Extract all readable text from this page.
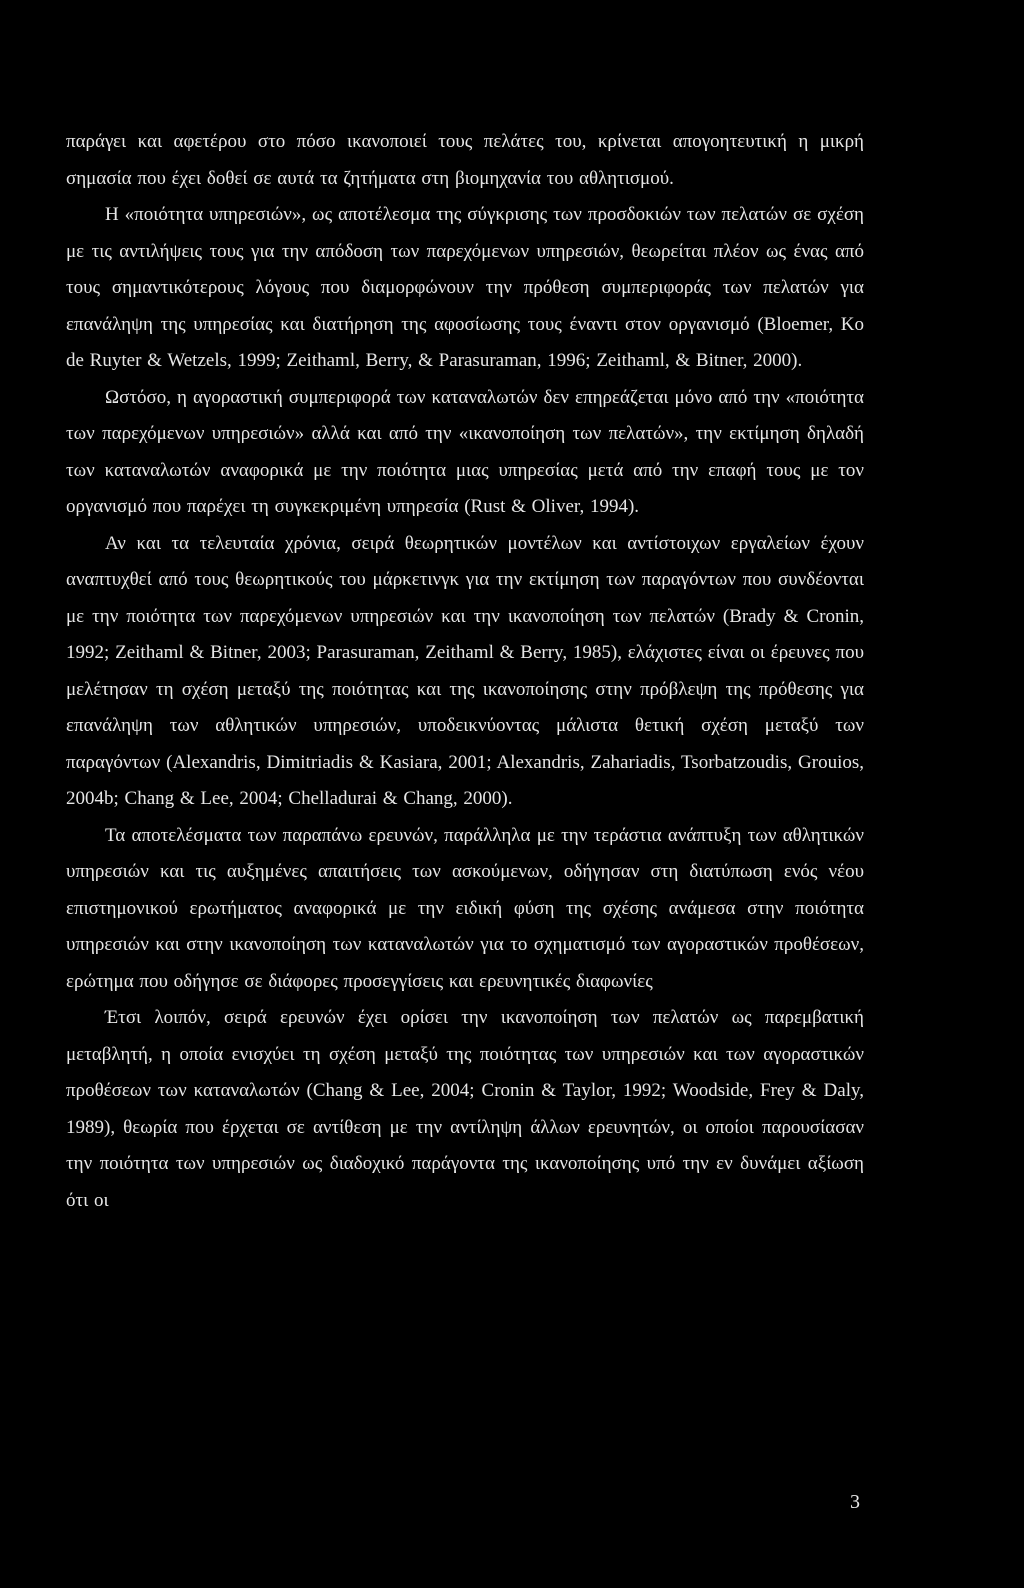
παράγει και αφετέρου στο πόσο ικανοποιεί τους πελάτες του, κρίνεται απογοητευτική η μικρή σημασία που έχει δοθεί σε αυτά τα ζητήματα στη βιομηχανία του αθλητισμού.

Η «ποιότητα υπηρεσιών», ως αποτέλεσμα της σύγκρισης των προσδοκιών των πελατών σε σχέση με τις αντιλήψεις τους για την απόδοση των παρεχόμενων υπηρεσιών, θεωρείται πλέον ως ένας από τους σημαντικότερους λόγους που διαμορφώνουν την πρόθεση συμπεριφοράς των πελατών για επανάληψη της υπηρεσίας και διατήρηση της αφοσίωσης τους έναντι στον οργανισμό (Bloemer, Ko de Ruyter & Wetzels, 1999; Zeithaml, Berry, & Parasuraman, 1996; Zeithaml, & Bitner, 2000).

Ωστόσο, η αγοραστική συμπεριφορά των καταναλωτών δεν επηρεάζεται μόνο από την «ποιότητα των παρεχόμενων υπηρεσιών» αλλά και από την «ικανοποίηση των πελατών», την εκτίμηση δηλαδή των καταναλωτών αναφορικά με την ποιότητα μιας υπηρεσίας μετά από την επαφή τους με τον οργανισμό που παρέχει τη συγκεκριμένη υπηρεσία (Rust & Oliver, 1994).

Αν και τα τελευταία χρόνια, σειρά θεωρητικών μοντέλων και αντίστοιχων εργαλείων έχουν αναπτυχθεί από τους θεωρητικούς του μάρκετινγκ για την εκτίμηση των παραγόντων που συνδέονται με την ποιότητα των παρεχόμενων υπηρεσιών και την ικανοποίηση των πελατών (Brady & Cronin, 1992; Zeithaml & Bitner, 2003; Parasuraman, Zeithaml & Berry, 1985), ελάχιστες είναι οι έρευνες που μελέτησαν τη σχέση μεταξύ της ποιότητας και της ικανοποίησης στην πρόβλεψη της πρόθεσης για επανάληψη των αθλητικών υπηρεσιών, υποδεικνύοντας μάλιστα θετική σχέση μεταξύ των παραγόντων (Alexandris, Dimitriadis & Kasiara, 2001; Alexandris, Zahariadis, Tsorbatzoudis, Grouios, 2004b; Chang & Lee, 2004; Chelladurai & Chang, 2000).

Τα αποτελέσματα των παραπάνω ερευνών, παράλληλα με την τεράστια ανάπτυξη των αθλητικών υπηρεσιών και τις αυξημένες απαιτήσεις των ασκούμενων, οδήγησαν στη διατύπωση ενός νέου επιστημονικού ερωτήματος αναφορικά με την ειδική φύση της σχέσης ανάμεσα στην ποιότητα υπηρεσιών και στην ικανοποίηση των καταναλωτών για το σχηματισμό των αγοραστικών προθέσεων, ερώτημα που οδήγησε σε διάφορες προσεγγίσεις και ερευνητικές διαφωνίες

Έτσι λοιπόν, σειρά ερευνών έχει ορίσει την ικανοποίηση των πελατών ως παρεμβατική μεταβλητή, η οποία ενισχύει τη σχέση μεταξύ της ποιότητας των υπηρεσιών και των αγοραστικών προθέσεων των καταναλωτών (Chang & Lee, 2004; Cronin & Taylor, 1992; Woodside, Frey & Daly, 1989), θεωρία που έρχεται σε αντίθεση με την αντίληψη άλλων ερευνητών, οι οποίοι παρουσίασαν την ποιότητα των υπηρεσιών ως διαδοχικό παράγοντα της ικανοποίησης υπό την εν δυνάμει αξίωση ότι οι

3
